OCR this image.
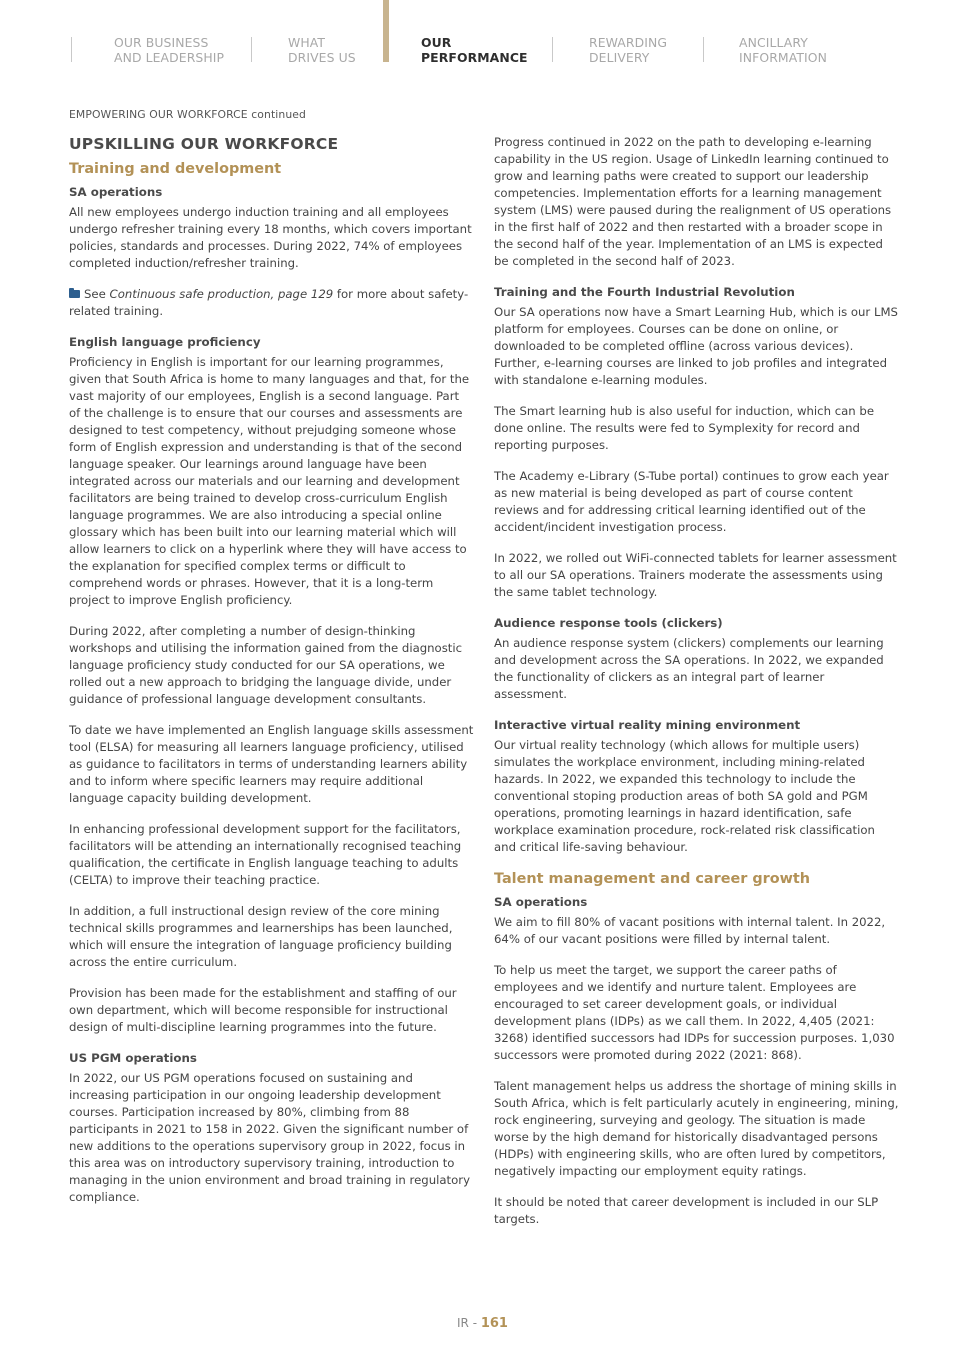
OUR BUSINESS
AND LEADERSHIP
WHAT
DRIVES US
OUR
PERFORMANCE
REWARDING
DELIVERY
ANCILLARY
INFORMATION
EMPOWERING OUR WORKFORCE continued
UPSKILLING OUR WORKFORCE
Training and development
SA operations

All new employees undergo induction training and all employees undergo refresher training every 18 months, which covers important policies, standards and processes. During 2022, 74% of employees completed induction/refresher training.

See Continuous safe production, page 129 for more about safety-related training.

English language proficiency

Proficiency in English is important for our learning programmes, given that South Africa is home to many languages and that, for the vast majority of our employees, English is a second language. Part of the challenge is to ensure that our courses and assessments are designed to test competency, without prejudging someone whose form of English expression and understanding is that of the second language speaker. Our learnings around language have been integrated across our materials and our learning and development facilitators are being trained to develop cross-curriculum English language programmes. We are also introducing a special online glossary which has been built into our learning material which will allow learners to click on a hyperlink where they will have access to the explanation for specified complex terms or difficult to comprehend words or phrases. However, that it is a long-term project to improve English proficiency.

During 2022, after completing a number of design-thinking workshops and utilising the information gained from the diagnostic language proficiency study conducted for our SA operations, we rolled out a new approach to bridging the language divide, under guidance of professional language development consultants.

To date we have implemented an English language skills assessment tool (ELSA) for measuring all learners language proficiency, utilised as guidance to facilitators in terms of understanding learners ability and to inform where specific learners may require additional language capacity building development.

In enhancing professional development support for the facilitators, facilitators will be attending an internationally recognised teaching qualification, the certificate in English language teaching to adults (CELTA) to improve their teaching practice.

In addition, a full instructional design review of the core mining technical skills programmes and learnerships has been launched, which will ensure the integration of language proficiency building across the entire curriculum.

Provision has been made for the establishment and staffing of our own department, which will become responsible for instructional design of multi-discipline learning programmes into the future.

US PGM operations

In 2022, our US PGM operations focused on sustaining and increasing participation in our ongoing leadership development courses. Participation increased by 80%, climbing from 88 participants in 2021 to 158 in 2022. Given the significant number of new additions to the operations supervisory group in 2022, focus in this area was on introductory supervisory training, introduction to managing in the union environment and broad training in regulatory compliance.

Progress continued in 2022 on the path to developing e-learning capability in the US region. Usage of LinkedIn learning continued to grow and learning paths were created to support our leadership competencies. Implementation efforts for a learning management system (LMS) were paused during the realignment of US operations in the first half of 2022 and then restarted with a broader scope in the second half of the year. Implementation of an LMS is expected be completed in the second half of 2023.

Training and the Fourth Industrial Revolution

Our SA operations now have a Smart Learning Hub, which is our LMS platform for employees. Courses can be done on online, or downloaded to be completed offline (across various devices). Further, e-learning courses are linked to job profiles and integrated with standalone e-learning modules.

The Smart learning hub is also useful for induction, which can be done online. The results were fed to Symplexity for record and reporting purposes.

The Academy e-Library (S-Tube portal) continues to grow each year as new material is being developed as part of course content reviews and for addressing critical learning identified out of the accident/incident investigation process.

In 2022, we rolled out WiFi-connected tablets for learner assessment to all our SA operations. Trainers moderate the assessments using the same tablet technology.

Audience response tools (clickers)

An audience response system (clickers) complements our learning and development across the SA operations. In 2022, we expanded the functionality of clickers as an integral part of learner assessment.

Interactive virtual reality mining environment

Our virtual reality technology (which allows for multiple users) simulates the workplace environment, including mining-related hazards. In 2022, we expanded this technology to include the conventional stoping production areas of both SA gold and PGM operations, promoting learnings in hazard identification, safe workplace examination procedure, rock-related risk classification and critical life-saving behaviour.

Talent management and career growth
SA operations

We aim to fill 80% of vacant positions with internal talent. In 2022, 64% of our vacant positions were filled by internal talent.

To help us meet the target, we support the career paths of employees and we identify and nurture talent. Employees are encouraged to set career development goals, or individual development plans (IDPs) as we call them. In 2022, 4,405 (2021: 3268) identified successors had IDPs for succession purposes. 1,030 successors were promoted during 2022 (2021: 868).

Talent management helps us address the shortage of mining skills in South Africa, which is felt particularly acutely in engineering, mining, rock engineering, surveying and geology. The situation is made worse by the high demand for historically disadvantaged persons (HDPs) with engineering skills, who are often lured by competitors, negatively impacting our employment equity ratings.

It should be noted that career development is included in our SLP targets.

IR - 161
